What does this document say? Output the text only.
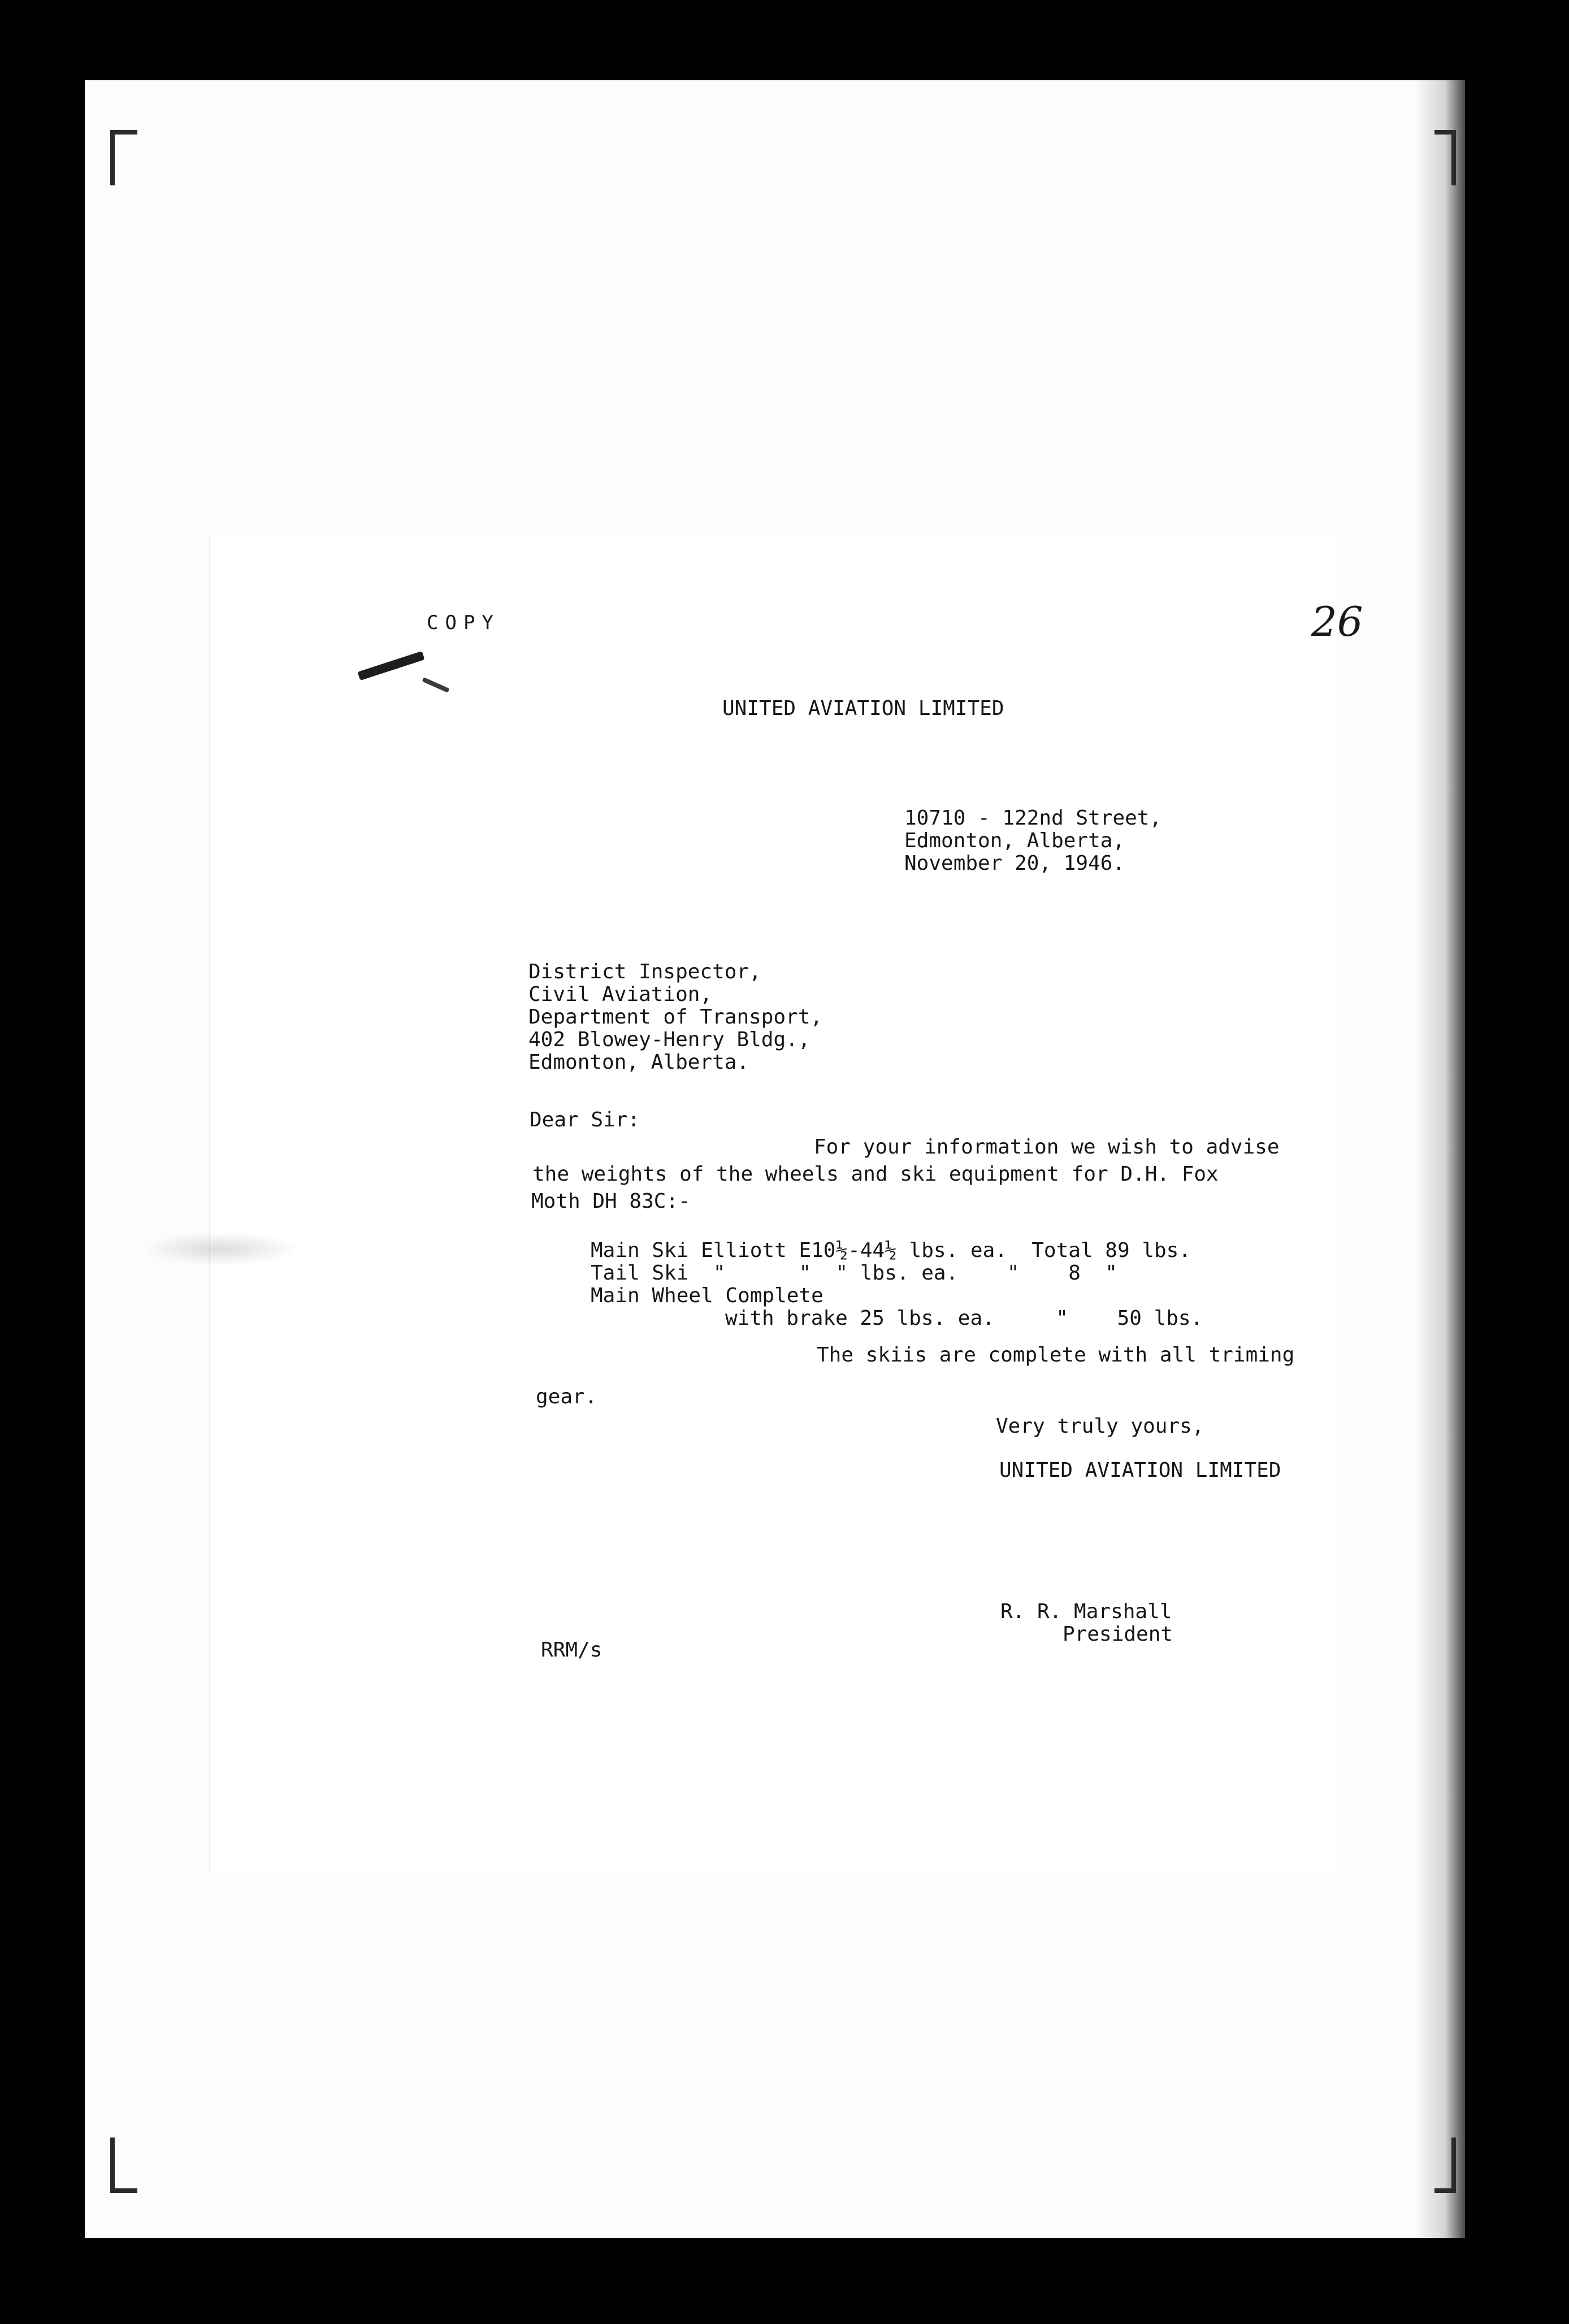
COPY	26
UNITED AVIATION LIMITED
10710 - 122nd Street,
Edmonton, Alberta,
November 20, 1946.
District Inspector,
Civil Aviation,
Department of Transport,
402 Blowey-Henry Bldg.,
Edmonton, Alberta.
Dear Sir:
For your information we wish to advise
the weights of the wheels and ski equipment for D.H. Fox
Moth DH 83C:-
Main Ski Elliott E10½-44½ lbs. ea.  Total 89 lbs.
Tail Ski  "      "  " lbs. ea.    "    8  "
Main Wheel Complete
with brake 25 lbs. ea.     "    50 lbs.
The skiis are complete with all triming
gear.
Very truly yours,
UNITED AVIATION LIMITED
R. R. Marshall
President
RRM/s
